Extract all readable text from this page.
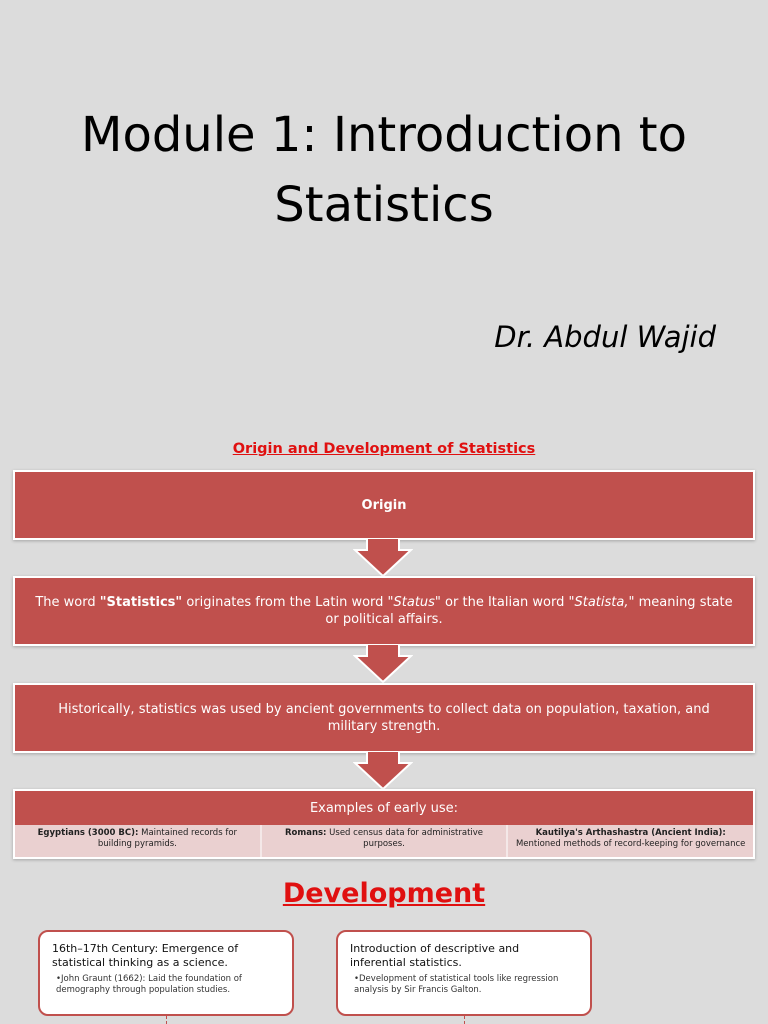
Module 1: Introduction to
Statistics
Dr. Abdul Wajid
Origin and Development of Statistics
Origin
The word "Statistics" originates from the Latin word "Status" or the Italian word "Statista," meaning state or political affairs.
Historically, statistics was used by ancient governments to collect data on population, taxation, and military strength.
Examples of early use:
Egyptians (3000 BC): Maintained records for building pyramids.
Romans: Used census data for administrative purposes.
Kautilya's Arthashastra (Ancient India): Mentioned methods of record-keeping for governance
Development
16th–17th Century: Emergence of statistical thinking as a science.
•John Graunt (1662): Laid the foundation of demography through population studies.
Introduction of descriptive and inferential statistics.
•Development of statistical tools like regression analysis by Sir Francis Galton.
